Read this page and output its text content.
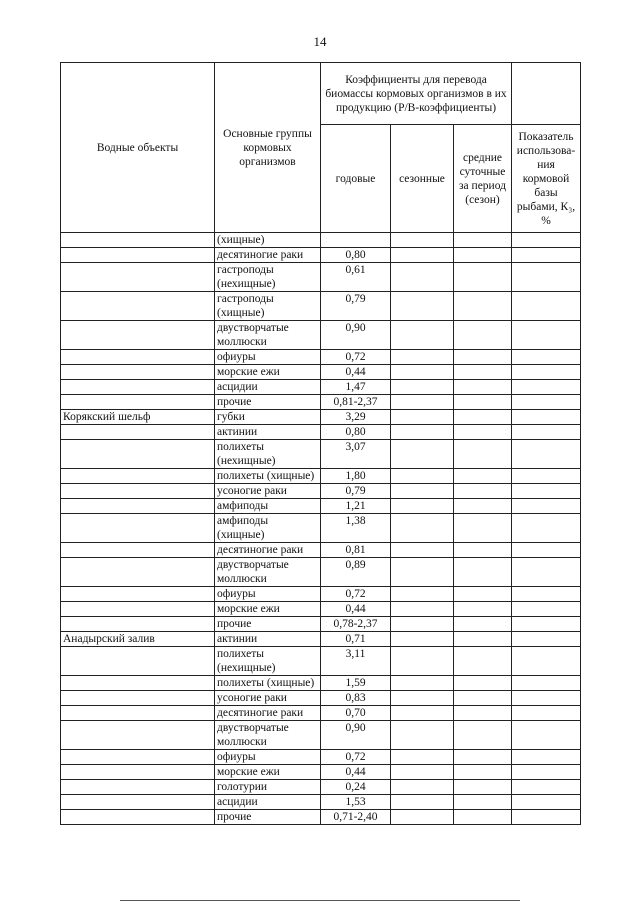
14
Водные объекты	Основные группы кормовых организмов	Коэффициенты для перевода биомассы кормовых организмов в их продукцию (Р/В-коэффициенты)			
		годовые	сезонные	средние суточные за период (сезон)	Показатель использова-ния кормовой базы рыбами, К₃, %
	(хищные)				
	десятиногие раки	0,80			
	гастроподы (нехищные)	0,61			
	гастроподы (хищные)	0,79			
	двустворчатые моллюски	0,90			
	офиуры	0,72			
	морские ежи	0,44			
	асцидии	1,47			
	прочие	0,81-2,37			
Корякский шельф	губки	3,29			
	актинии	0,80			
	полихеты (нехищные)	3,07			
	полихеты (хищные)	1,80			
	усоногие раки	0,79			
	амфиподы	1,21			
	амфиподы (хищные)	1,38			
	десятиногие раки	0,81			
	двустворчатые моллюски	0,89			
	офиуры	0,72			
	морские ежи	0,44			
	прочие	0,78-2,37			
Анадырский залив	актинии	0,71			
	полихеты (нехищные)	3,11			
	полихеты (хищные)	1,59			
	усоногие раки	0,83			
	десятиногие раки	0,70			
	двустворчатые моллюски	0,90			
	офиуры	0,72			
	морские ежи	0,44			
	голотурии	0,24			
	асцидии	1,53			
	прочие	0,71-2,40			
